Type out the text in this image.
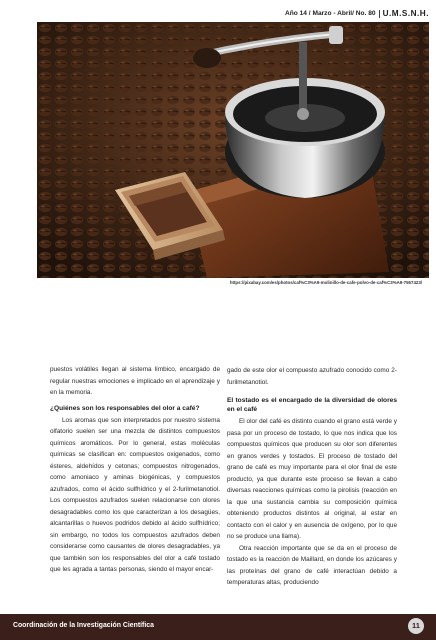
Año 14 / Marzo - Abril/ No. 80 U.M.S.N.H.
https://pixabay.com/es/photos/caf%C3%A9-molinillo-de-cafe-polvo-de-caf%C3%A9-7557423/

puestos volátiles llegan al sistema límbico, encargado de regular nuestras emociones e implicado en el aprendizaje y en la memoria.

¿Quiénes son los responsables del olor a café?

Los aromas que son interpretados por nuestro sistema olfatorio suelen ser una mezcla de distintos compuestos químicos aromáticos. Por lo general, estas moléculas químicas se clasifican en: compuestos oxigenados, como ésteres, aldehídos y cetonas; compuestos nitrogenados, como amoniaco y aminas biogénicas, y compuestos azufrados, como el ácido sulfhídrico y el 2-furilmetanotiol. Los compuestos azufrados suelen relacionarse con olores desagradables como los que caracterizan a los desagües, alcantarillas o huevos podridos debido al ácido sulfhídrico; sin embargo, no todos los compuestos azufrados deben considerarse como causantes de olores desagradables, ya que también son los responsables del olor a café tostado que les agrada a tantas personas, siendo el mayor encar-

gado de este olor el compuesto azufrado conocido como 2-furilmetanotiol.

El tostado es el encargado de la diversidad de olores en el café

El olor del café es distinto cuando el grano está verde y pasa por un proceso de tostado, lo que nos indica que los compuestos químicos que producen su olor son diferentes en granos verdes y tostados. El proceso de tostado del grano de café es muy importante para el olor final de este producto, ya que durante este proceso se llevan a cabo diversas reacciones químicas como la pirolisis (reacción en la que una sustancia cambia su composición química obteniendo productos distintos al original, al estar en contacto con el calor y en ausencia de oxígeno, por lo que no se produce una llama).

Otra reacción importante que se da en el proceso de tostado es la reacción de Maillard, en donde los azúcares y las proteínas del grano de café interactúan debido a temperaturas altas, produciendo

Coordinación de la Investigación Científica	11
